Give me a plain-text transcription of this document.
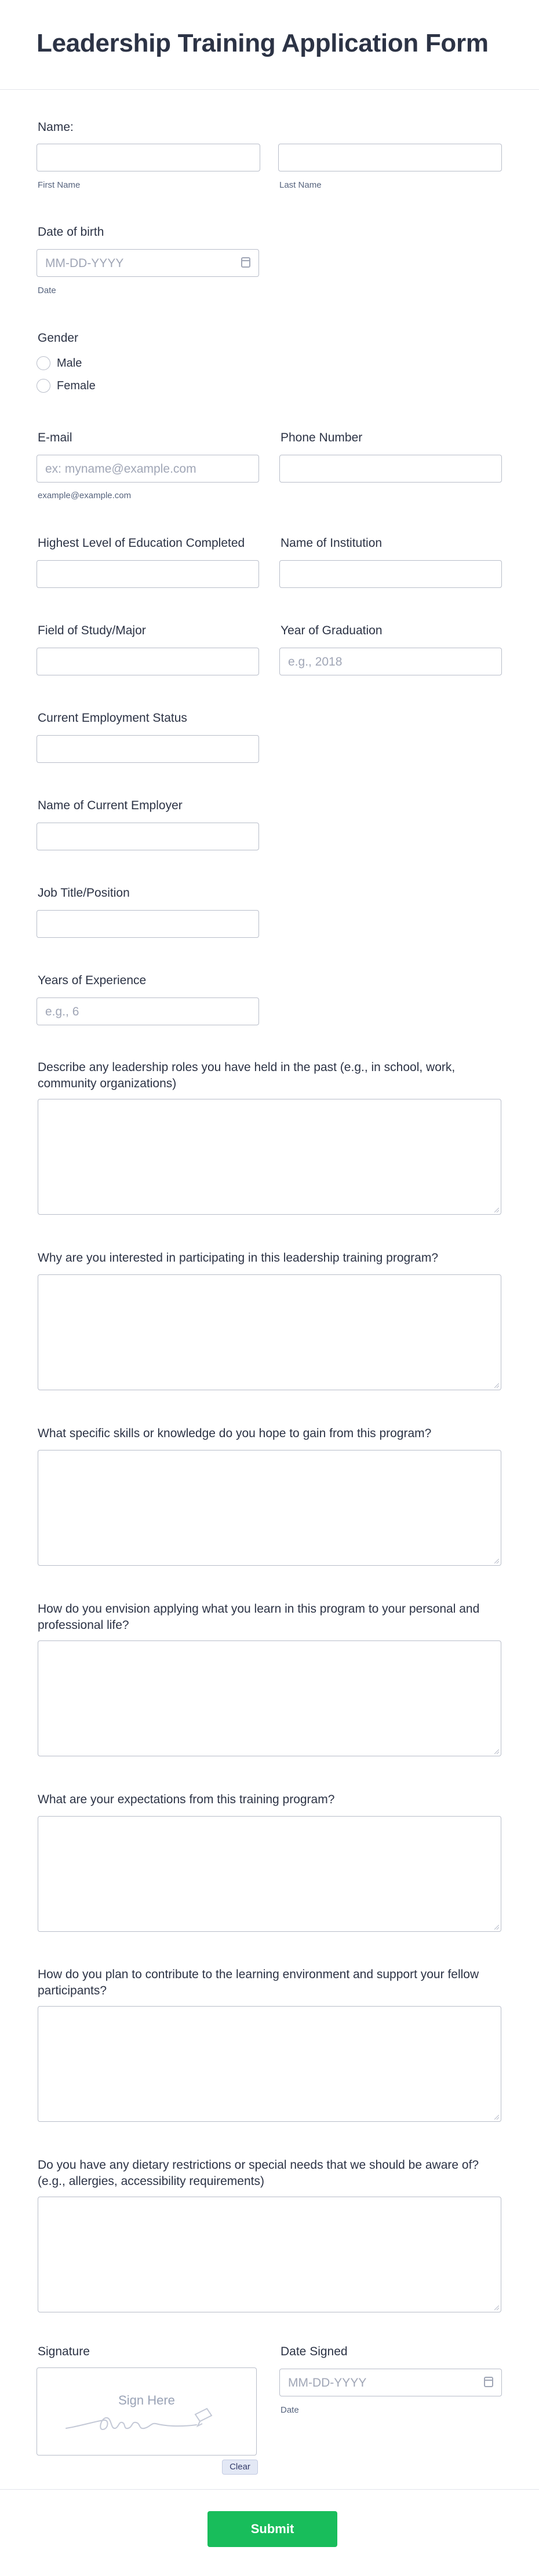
Leadership Training Application Form
Name:
First Name	Last Name
Date of birth
MM-DD-YYYY
Date
Gender
Male
Female
E-mail
ex: myname@example.com
example@example.com
Phone Number
Highest Level of Education Completed	Name of Institution
Field of Study/Major	Year of Graduation
e.g., 2018
Current Employment Status
Name of Current Employer
Job Title/Position
Years of Experience
e.g., 6
Describe any leadership roles you have held in the past (e.g., in school, work, community organizations)
Why are you interested in participating in this leadership training program?
What specific skills or knowledge do you hope to gain from this program?
How do you envision applying what you learn in this program to your personal and professional life?
What are your expectations from this training program?
How do you plan to contribute to the learning environment and support your fellow participants?
Do you have any dietary restrictions or special needs that we should be aware of? (e.g., allergies, accessibility requirements)
Signature
Sign Here
Clear
Date Signed
MM-DD-YYYY
Date
Submit
